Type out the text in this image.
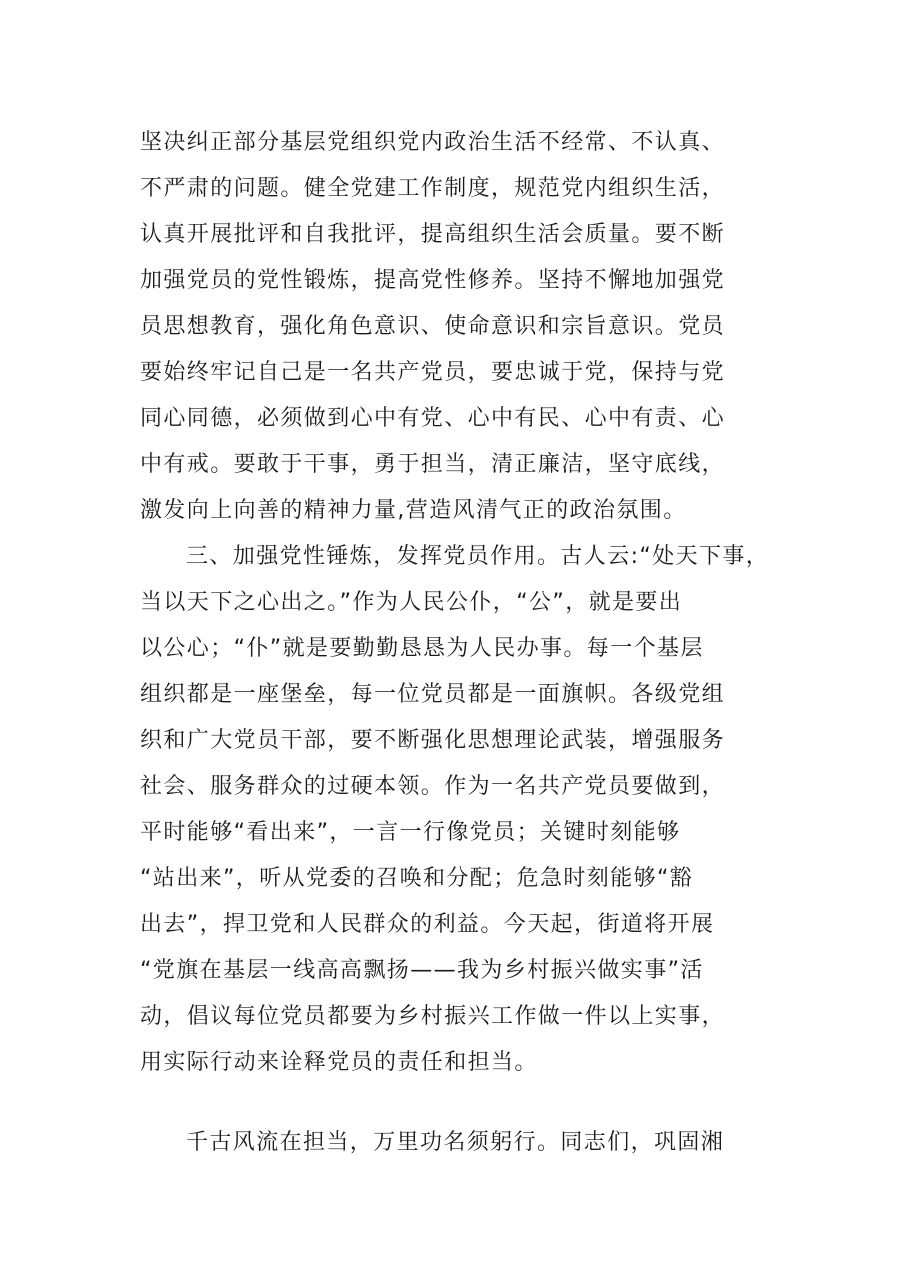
坚决纠正部分基层党组织党内政治生活不经常、不认真、
不严肃的问题。健全党建工作制度，规范党内组织生活，
认真开展批评和自我批评，提高组织生活会质量。要不断
加强党员的党性锻炼，提高党性修养。坚持不懈地加强党
员思想教育，强化角色意识、使命意识和宗旨意识。党员
要始终牢记自己是一名共产党员，要忠诚于党，保持与党
同心同德，必须做到心中有党、心中有民、心中有责、心
中有戒。要敢于干事，勇于担当，清正廉洁，坚守底线，
激发向上向善的精神力量,营造风清气正的政治氛围。
三、加强党性锤炼，发挥党员作用。古人云:“处天下事，
当以天下之心出之。”作为人民公仆，“公”，就是要出
以公心；“仆”就是要勤勤恳恳为人民办事。每一个基层
组织都是一座堡垒，每一位党员都是一面旗帜。各级党组
织和广大党员干部，要不断强化思想理论武装，增强服务
社会、服务群众的过硬本领。作为一名共产党员要做到，
平时能够“看出来”，一言一行像党员；关键时刻能够
“站出来”，听从党委的召唤和分配；危急时刻能够“豁
出去”，捍卫党和人民群众的利益。今天起，街道将开展
“党旗在基层一线高高飘扬——我为乡村振兴做实事”活
动，倡议每位党员都要为乡村振兴工作做一件以上实事，
用实际行动来诠释党员的责任和担当。
千古风流在担当，万里功名须躬行。同志们，巩固湘
